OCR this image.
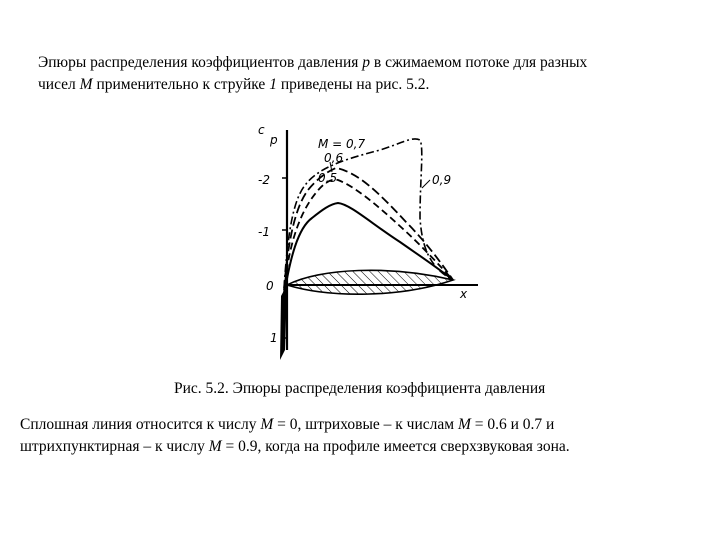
Эпюры распределения коэффициентов давления p в сжимаемом потоке для разных
чисел M применительно к струйке 1 приведены на рис. 5.2.
c
p
-2
-1
0
1
x
M = 0,7
0,6
0,5	0,9
Рис. 5.2. Эпюры распределения коэффициента давления
Сплошная линия относится к числу M = 0, штриховые – к числам M = 0.6 и 0.7 и
штрихпунктирная – к числу M = 0.9, когда на профиле имеется сверхзвуковая зона.
